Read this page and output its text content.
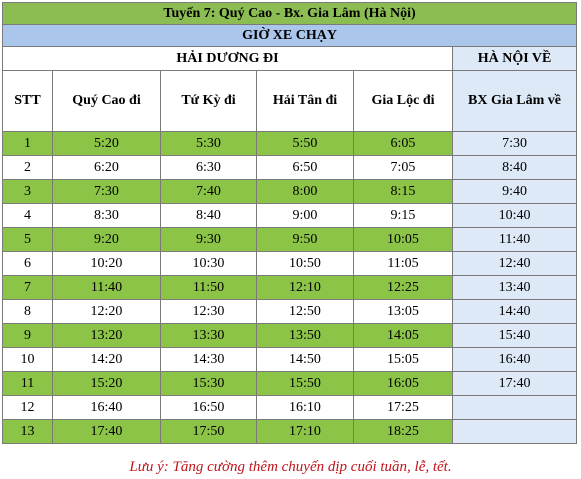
Tuyến 7: Quý Cao - Bx. Gia Lâm (Hà Nội)					
GIỜ XE CHẠY					
HẢI DƯƠNG ĐI					HÀ NỘI VỀ
STT	Quý Cao đi	Tứ Kỳ đi	Hải Tân đi	Gia Lộc đi	BX Gia Lâm về
1	5:20	5:30	5:50	6:05	7:30
2	6:20	6:30	6:50	7:05	8:40
3	7:30	7:40	8:00	8:15	9:40
4	8:30	8:40	9:00	9:15	10:40
5	9:20	9:30	9:50	10:05	11:40
6	10:20	10:30	10:50	11:05	12:40
7	11:40	11:50	12:10	12:25	13:40
8	12:20	12:30	12:50	13:05	14:40
9	13:20	13:30	13:50	14:05	15:40
10	14:20	14:30	14:50	15:05	16:40
11	15:20	15:30	15:50	16:05	17:40
12	16:40	16:50	16:10	17:25	
13	17:40	17:50	17:10	18:25	
Lưu ý: Tăng cường thêm chuyến dịp cuối tuần, lễ, tết.
